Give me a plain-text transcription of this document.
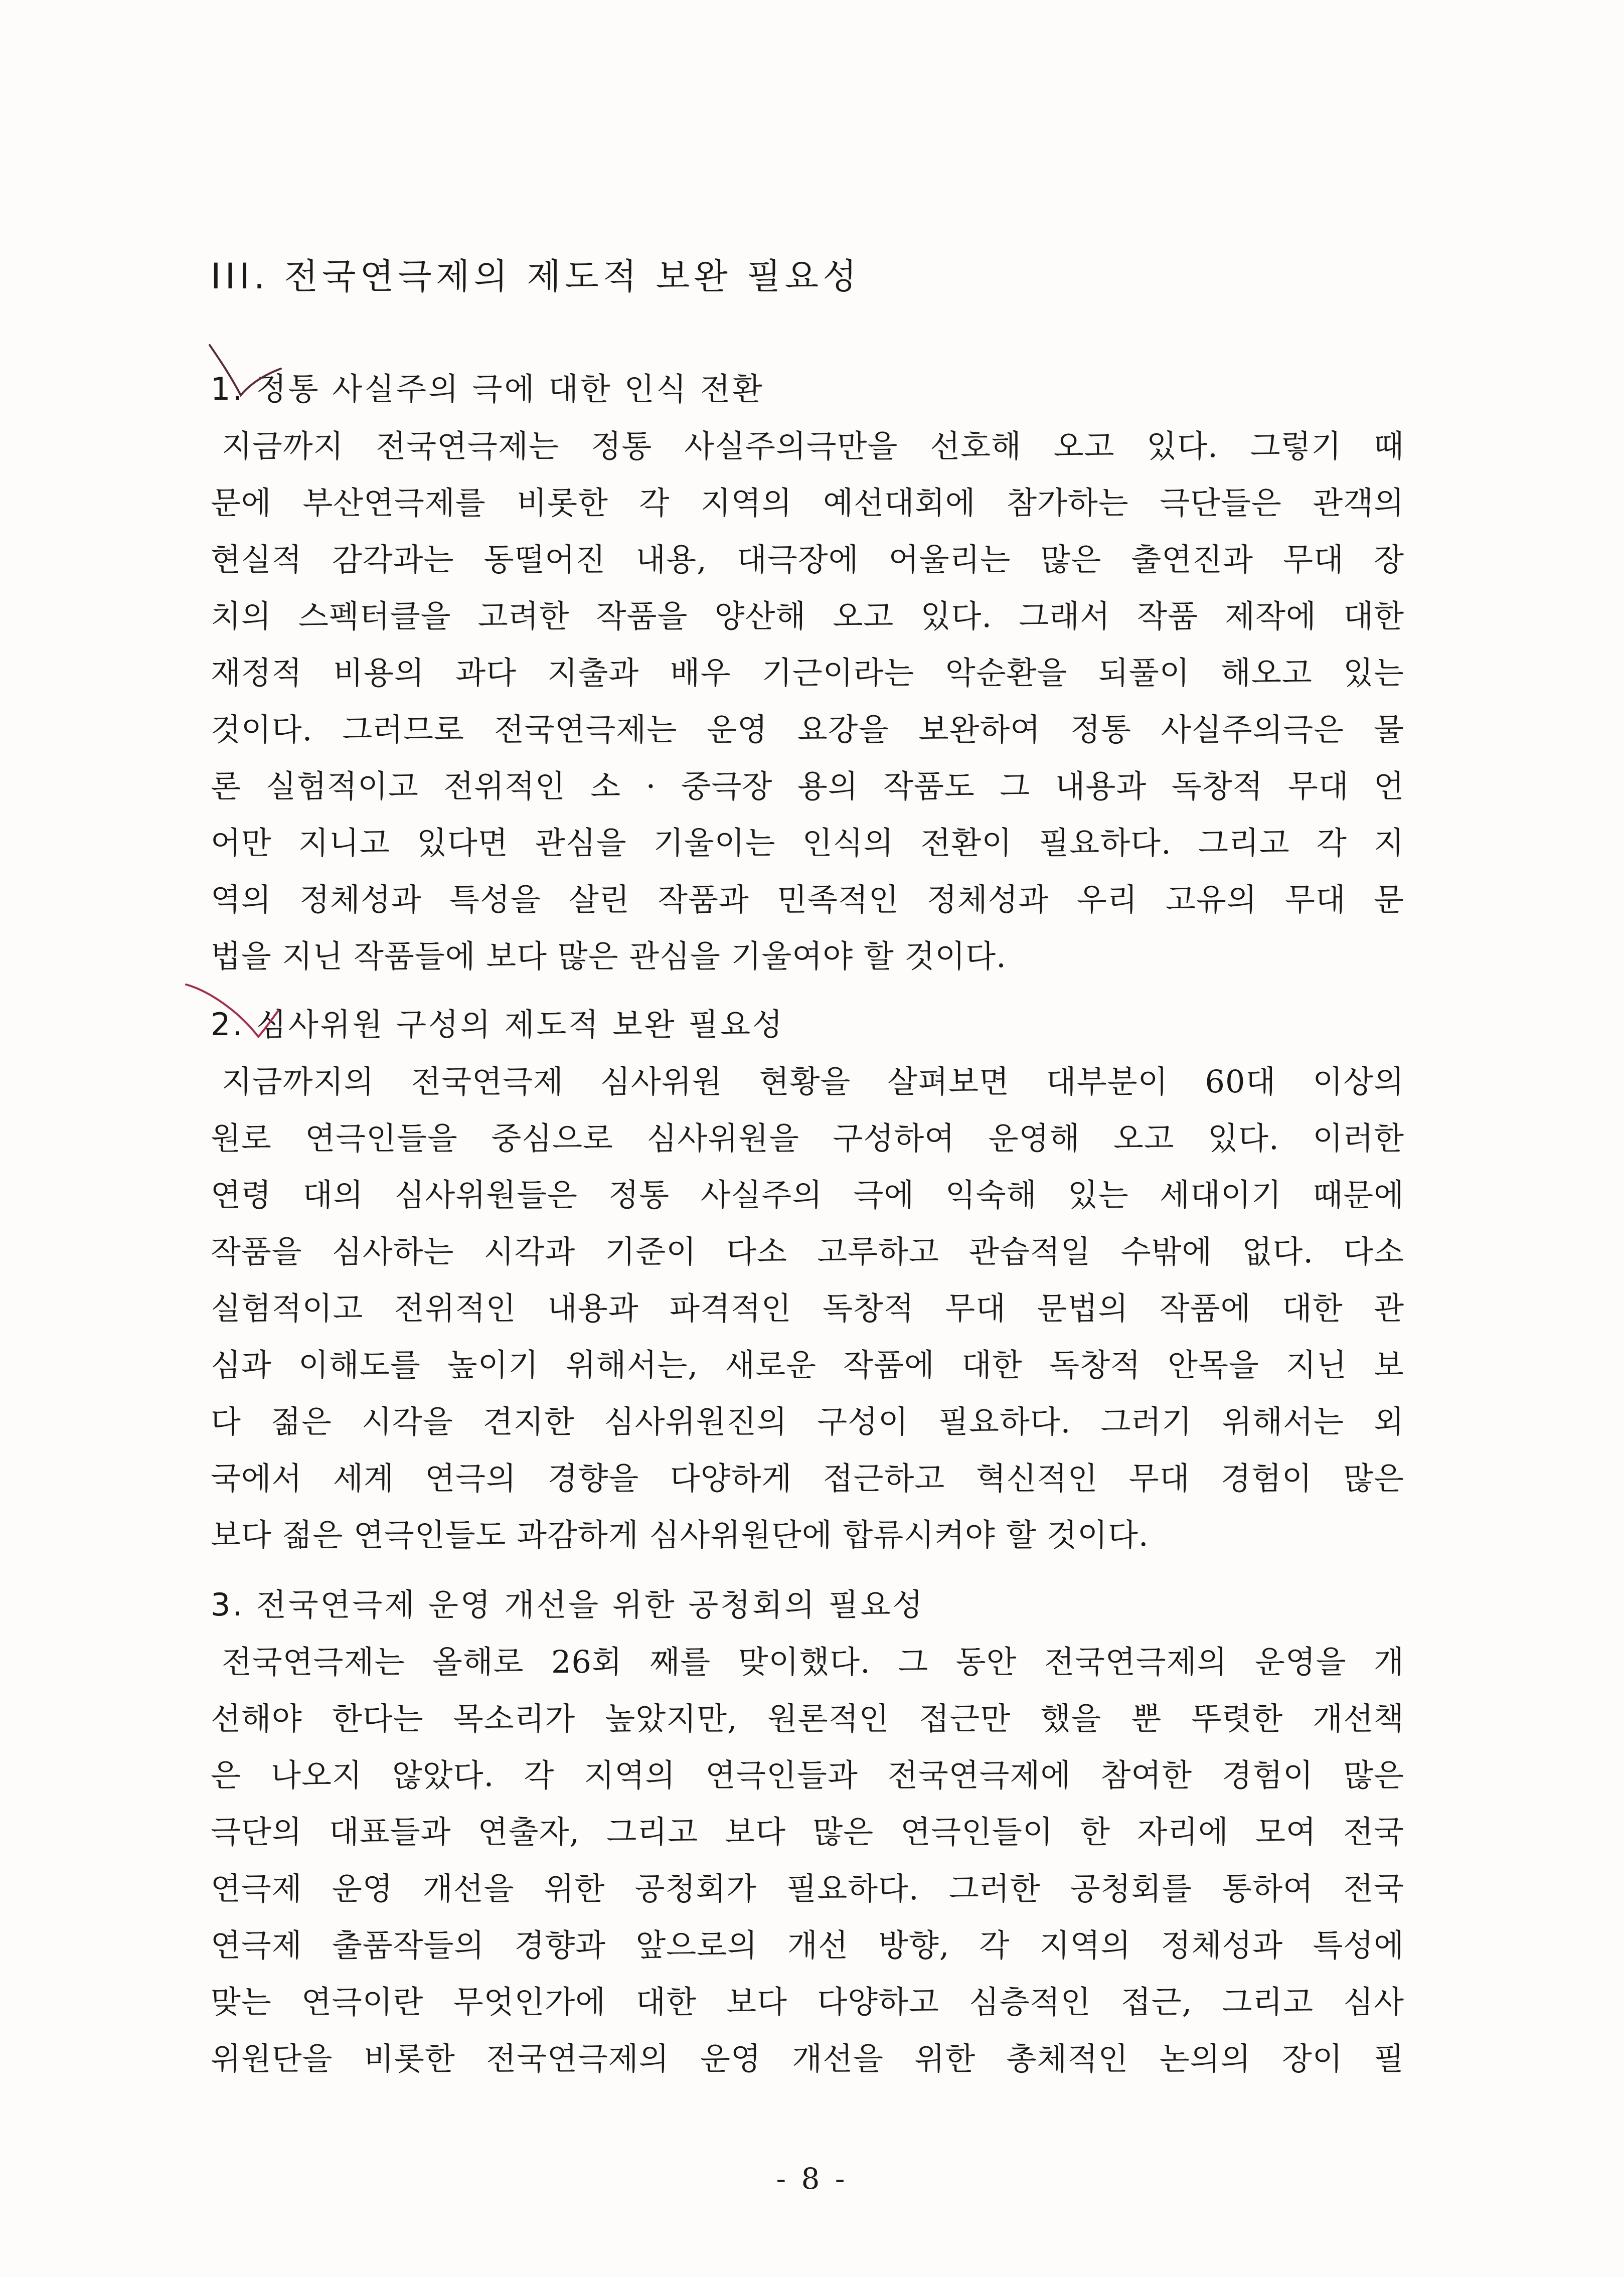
III. 전국연극제의 제도적 보완 필요성
1. 정통 사실주의 극에 대한 인식 전환
지금까지 전국연극제는 정통 사실주의극만을 선호해 오고 있다. 그렇기 때
문에 부산연극제를 비롯한 각 지역의 예선대회에 참가하는 극단들은 관객의
현실적 감각과는 동떨어진 내용, 대극장에 어울리는 많은 출연진과 무대 장
치의 스펙터클을 고려한 작품을 양산해 오고 있다. 그래서 작품 제작에 대한
재정적 비용의 과다 지출과 배우 기근이라는 악순환을 되풀이 해오고 있는
것이다. 그러므로 전국연극제는 운영 요강을 보완하여 정통 사실주의극은 물
론 실험적이고 전위적인 소 · 중극장 용의 작품도 그 내용과 독창적 무대 언
어만 지니고 있다면 관심을 기울이는 인식의 전환이 필요하다. 그리고 각 지
역의 정체성과 특성을 살린 작품과 민족적인 정체성과 우리 고유의 무대 문
법을 지닌 작품들에 보다 많은 관심을 기울여야 할 것이다.
2. 심사위원 구성의 제도적 보완 필요성
지금까지의 전국연극제 심사위원 현황을 살펴보면 대부분이 60대 이상의
원로 연극인들을 중심으로 심사위원을 구성하여 운영해 오고 있다. 이러한
연령 대의 심사위원들은 정통 사실주의 극에 익숙해 있는 세대이기 때문에
작품을 심사하는 시각과 기준이 다소 고루하고 관습적일 수밖에 없다. 다소
실험적이고 전위적인 내용과 파격적인 독창적 무대 문법의 작품에 대한 관
심과 이해도를 높이기 위해서는, 새로운 작품에 대한 독창적 안목을 지닌 보
다 젊은 시각을 견지한 심사위원진의 구성이 필요하다. 그러기 위해서는 외
국에서 세계 연극의 경향을 다양하게 접근하고 혁신적인 무대 경험이 많은
보다 젊은 연극인들도 과감하게 심사위원단에 합류시켜야 할 것이다.
3. 전국연극제 운영 개선을 위한 공청회의 필요성
전국연극제는 올해로 26회 째를 맞이했다. 그 동안 전국연극제의 운영을 개
선해야 한다는 목소리가 높았지만, 원론적인 접근만 했을 뿐 뚜렷한 개선책
은 나오지 않았다. 각 지역의 연극인들과 전국연극제에 참여한 경험이 많은
극단의 대표들과 연출자, 그리고 보다 많은 연극인들이 한 자리에 모여 전국
연극제 운영 개선을 위한 공청회가 필요하다. 그러한 공청회를 통하여 전국
연극제 출품작들의 경향과 앞으로의 개선 방향, 각 지역의 정체성과 특성에
맞는 연극이란 무엇인가에 대한 보다 다양하고 심층적인 접근, 그리고 심사
위원단을 비롯한 전국연극제의 운영 개선을 위한 총체적인 논의의 장이 필
- 8 -
